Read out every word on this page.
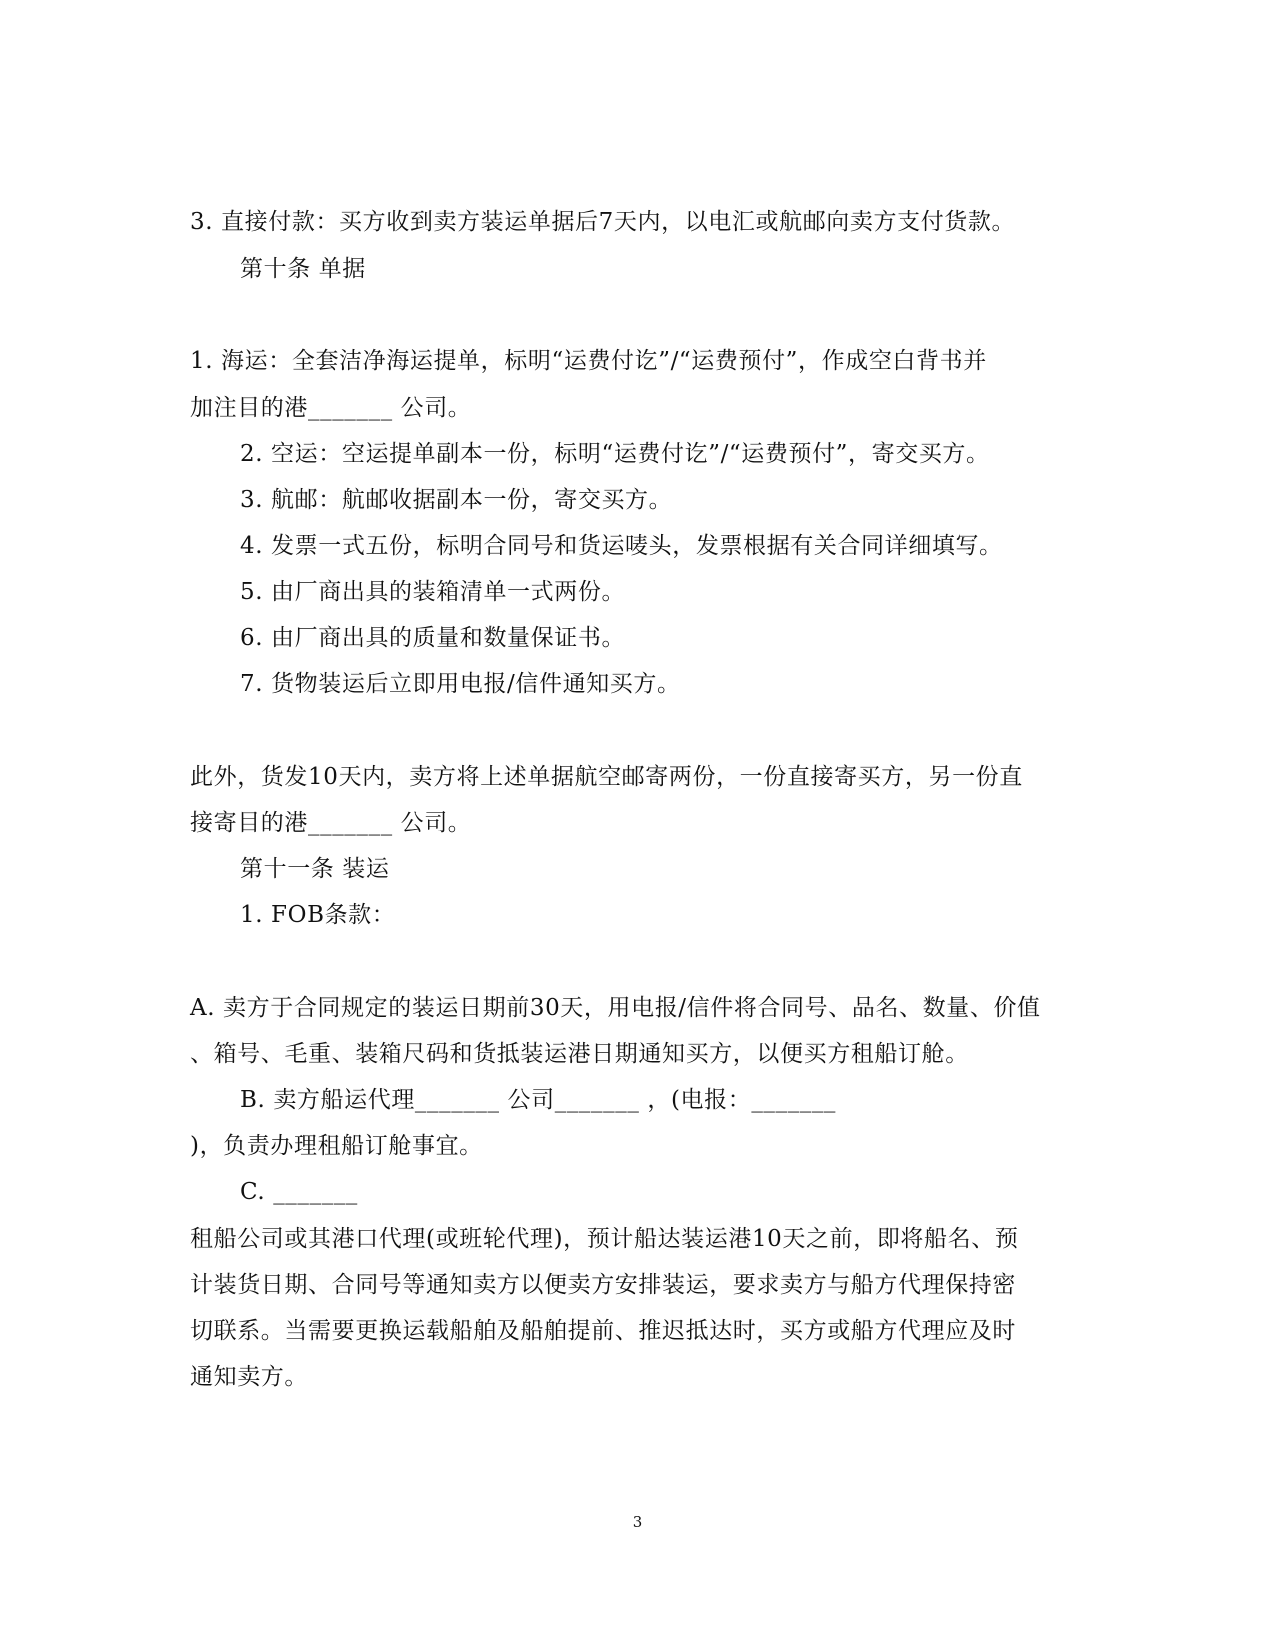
3. 直接付款：买方收到卖方装运单据后7天内，以电汇或航邮向卖方支付货款。
第十条 单据
1. 海运：全套洁净海运提单，标明“运费付讫”/“运费预付”，作成空白背书并
加注目的港_______ 公司。
2. 空运：空运提单副本一份，标明“运费付讫”/“运费预付”，寄交买方。
3. 航邮：航邮收据副本一份，寄交买方。
4. 发票一式五份，标明合同号和货运唛头，发票根据有关合同详细填写。
5. 由厂商出具的装箱清单一式两份。
6. 由厂商出具的质量和数量保证书。
7. 货物装运后立即用电报/信件通知买方。
此外，货发10天内，卖方将上述单据航空邮寄两份，一份直接寄买方，另一份直
接寄目的港_______ 公司。
第十一条 装运
1. FOB条款：
A. 卖方于合同规定的装运日期前30天，用电报/信件将合同号、品名、数量、价值
、箱号、毛重、装箱尺码和货抵装运港日期通知买方，以便买方租船订舱。
B. 卖方船运代理_______ 公司_______ ，(电报：_______
)，负责办理租船订舱事宜。
C. _______
租船公司或其港口代理(或班轮代理)，预计船达装运港10天之前，即将船名、预
计装货日期、合同号等通知卖方以便卖方安排装运，要求卖方与船方代理保持密
切联系。当需要更换运载船舶及船舶提前、推迟抵达时，买方或船方代理应及时
通知卖方。
3
